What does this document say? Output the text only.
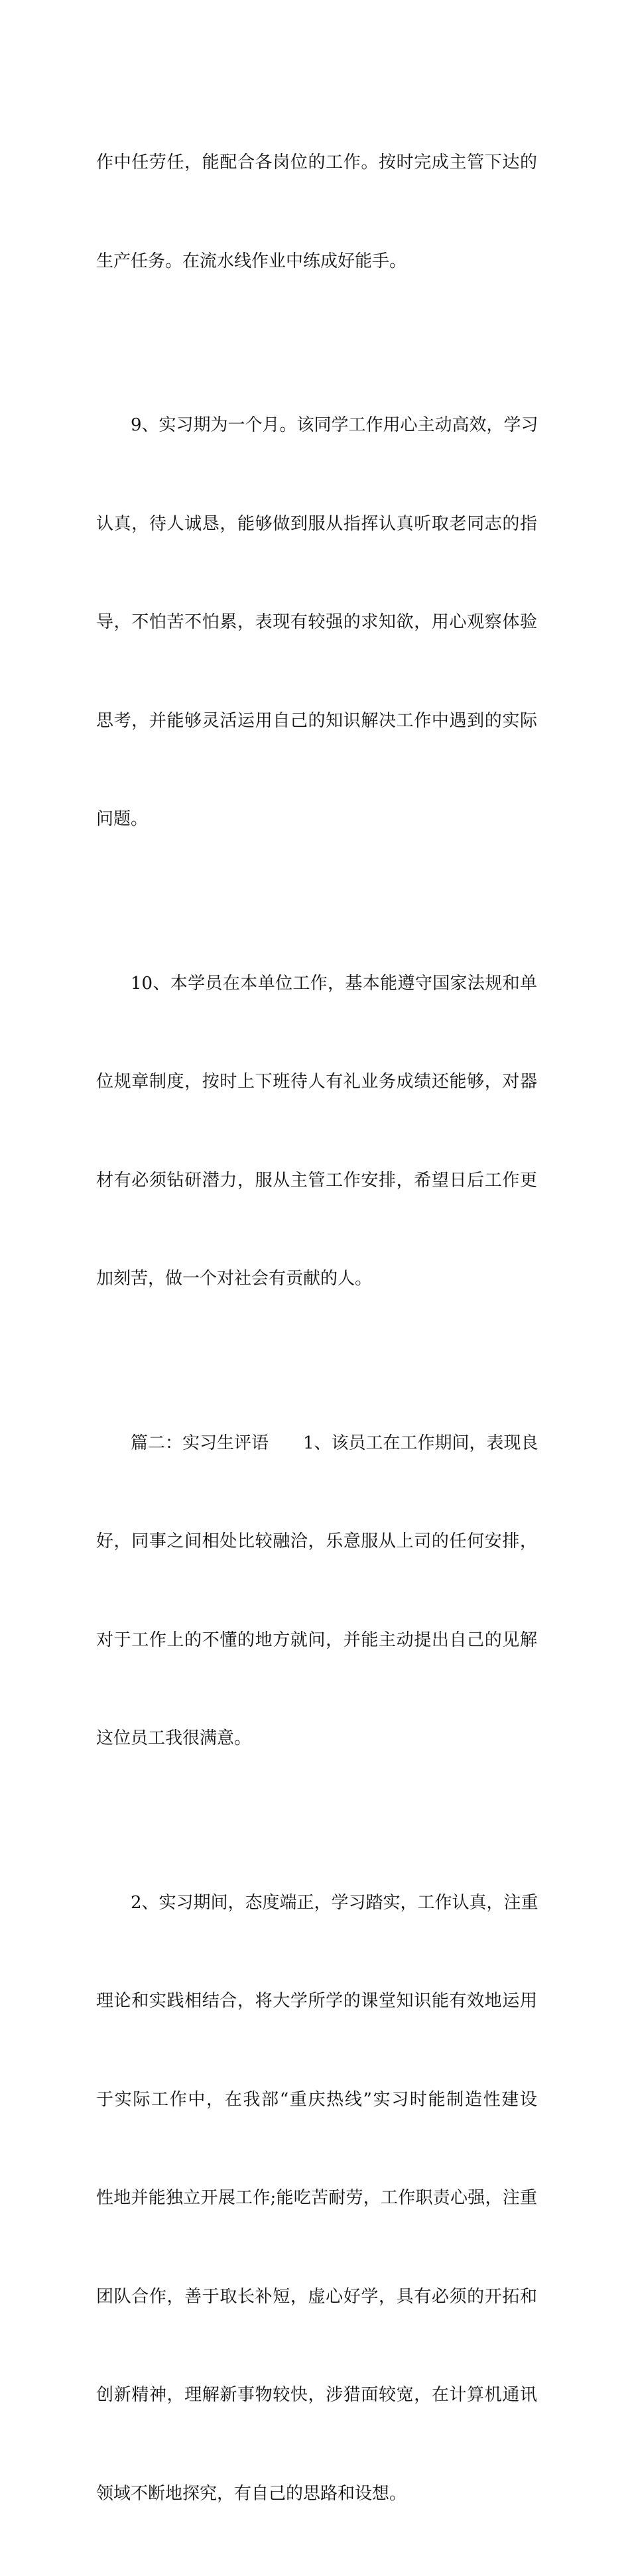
作中任劳任，能配合各岗位的工作。按时完成主管下达的

生产任务。在流水线作业中练成好能手。

9、实习期为一个月。该同学工作用心主动高效，学习

认真，待人诚恳，能够做到服从指挥认真听取老同志的指

导，不怕苦不怕累，表现有较强的求知欲，用心观察体验

思考，并能够灵活运用自己的知识解决工作中遇到的实际

问题。

10、本学员在本单位工作，基本能遵守国家法规和单

位规章制度，按时上下班待人有礼业务成绩还能够，对器

材有必须钻研潜力，服从主管工作安排，希望日后工作更

加刻苦，做一个对社会有贡献的人。

篇二：实习生评语　　1、该员工在工作期间，表现良

好，同事之间相处比较融洽，乐意服从上司的任何安排，

对于工作上的不懂的地方就问，并能主动提出自己的见解

这位员工我很满意。

2、实习期间，态度端正，学习踏实，工作认真，注重

理论和实践相结合，将大学所学的课堂知识能有效地运用

于实际工作中，在我部“重庆热线”实习时能制造性建设

性地并能独立开展工作;能吃苦耐劳，工作职责心强，注重

团队合作，善于取长补短，虚心好学，具有必须的开拓和

创新精神，理解新事物较快，涉猎面较宽，在计算机通讯

领域不断地探究，有自己的思路和设想。
